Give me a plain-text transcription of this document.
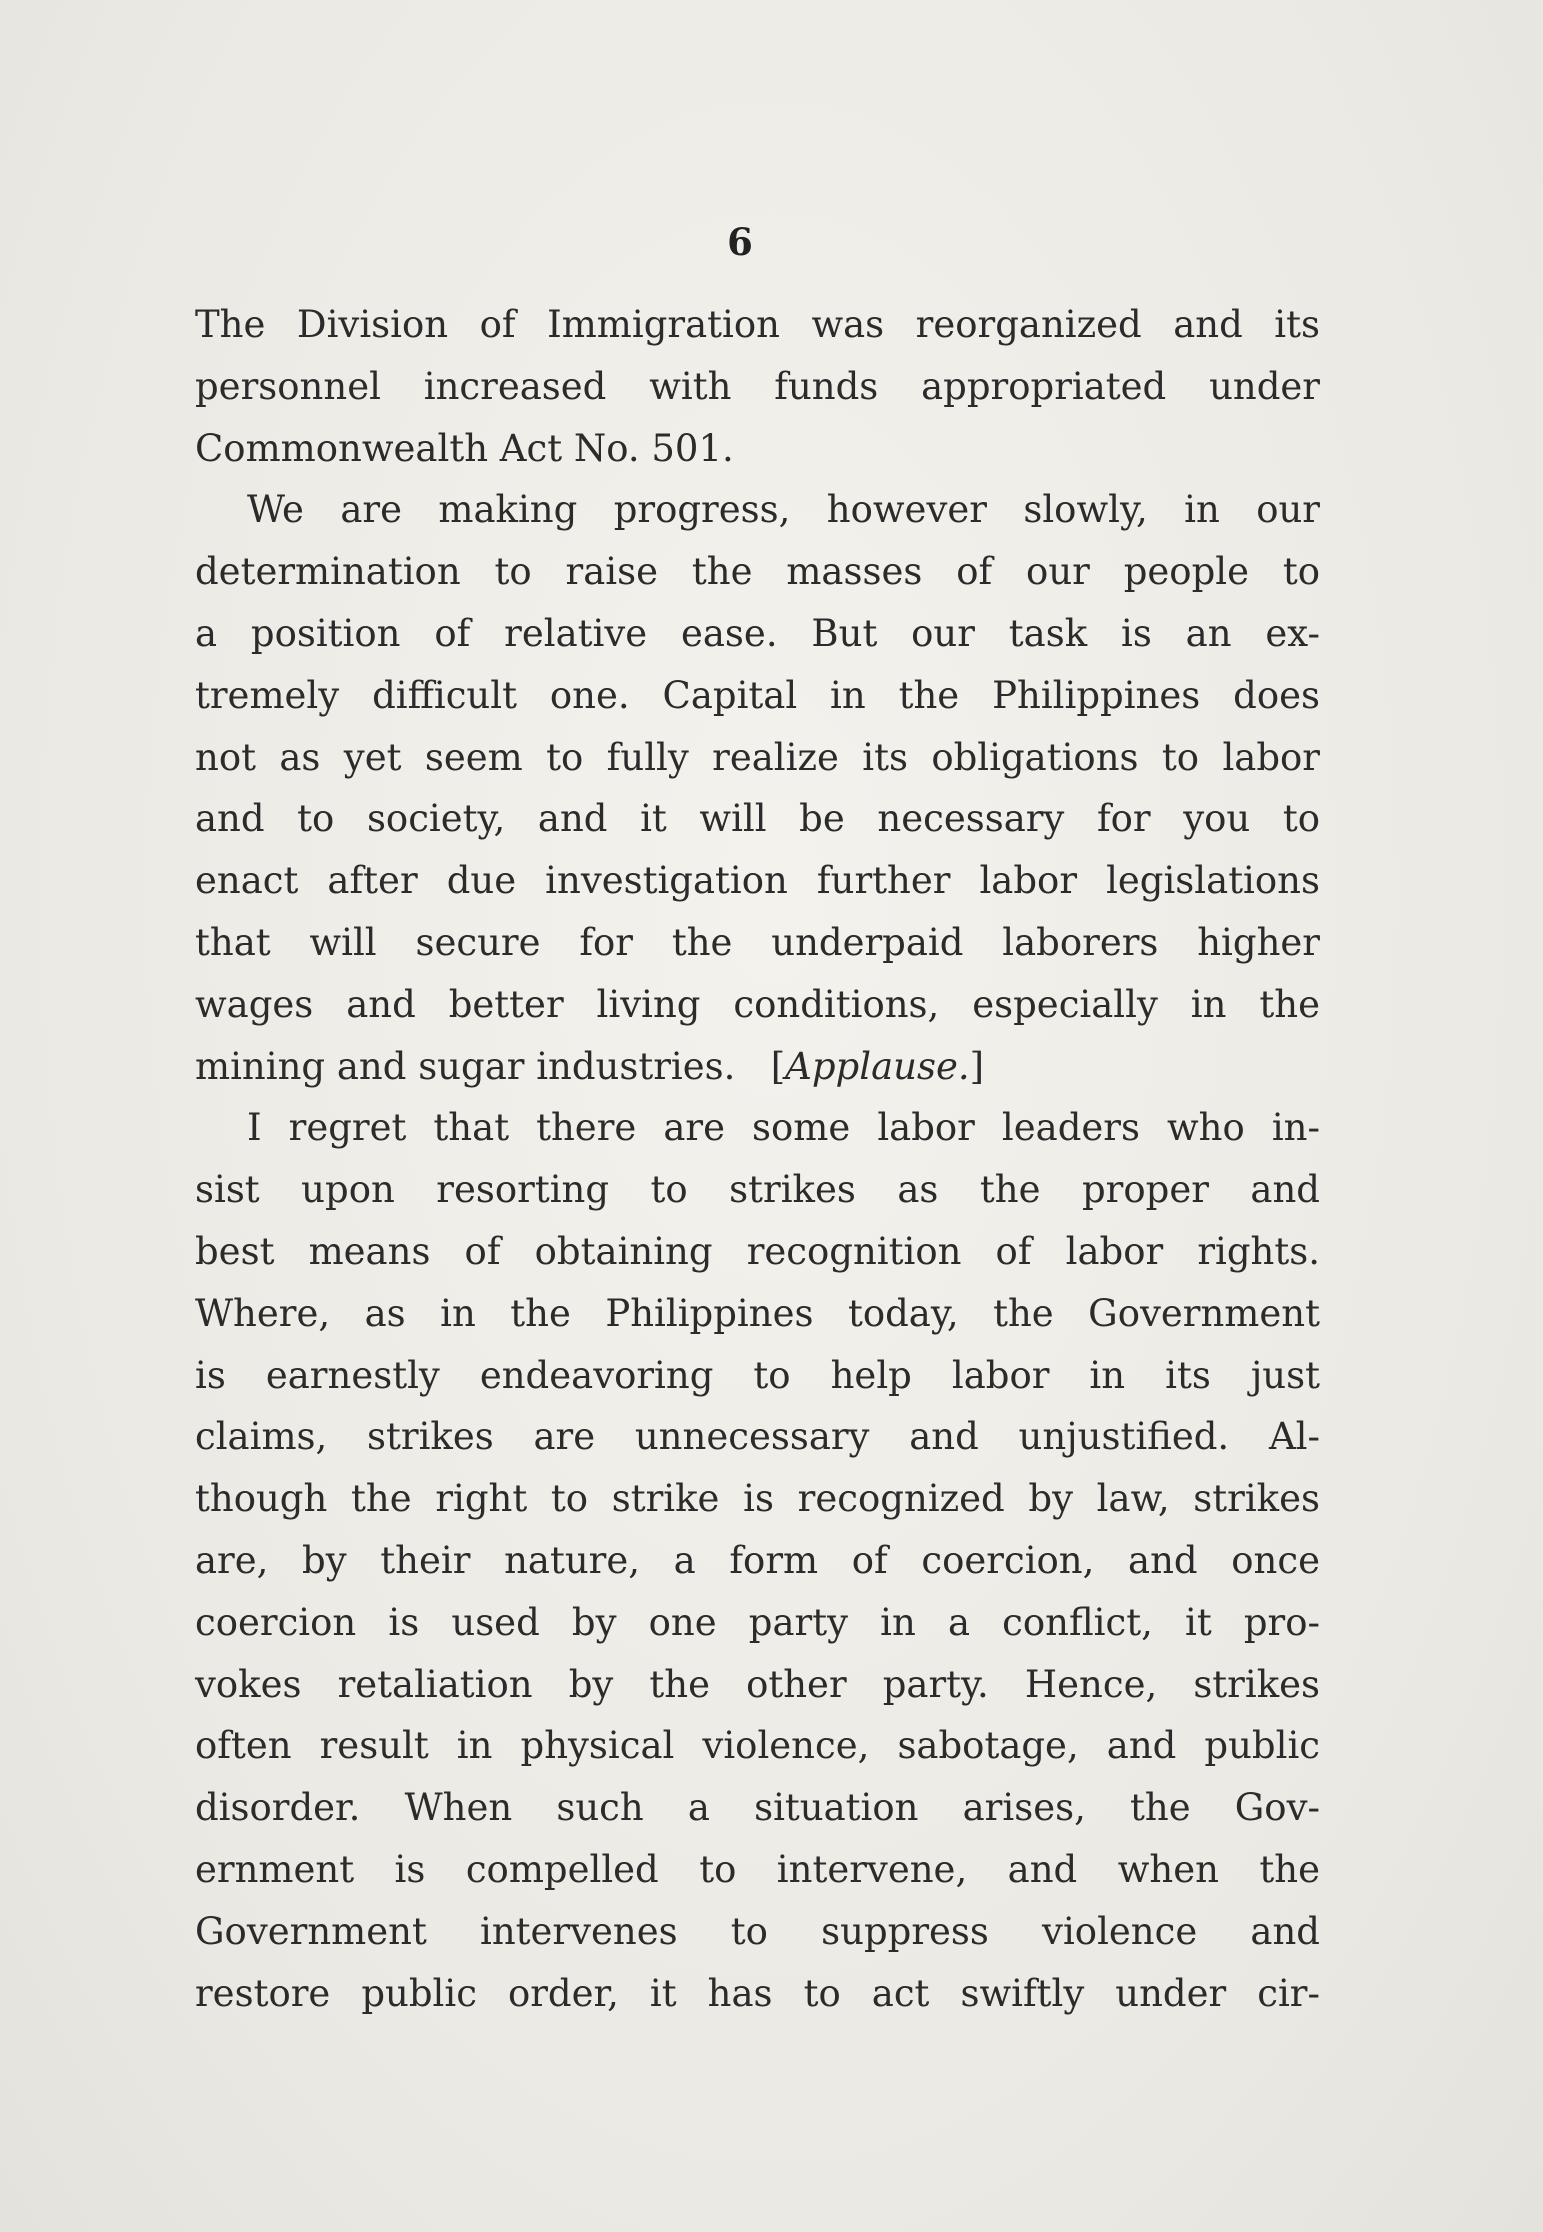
6
The Division of Immigration was reorganized and its
personnel increased with funds appropriated under
Commonwealth Act No. 501.
We are making progress, however slowly, in our
determination to raise the masses of our people to
a position of relative ease. But our task is an ex-
tremely difficult one. Capital in the Philippines does
not as yet seem to fully realize its obligations to labor
and to society, and it will be necessary for you to
enact after due investigation further labor legislations
that will secure for the underpaid laborers higher
wages and better living conditions, especially in the
mining and sugar industries. [Applause.]
I regret that there are some labor leaders who in-
sist upon resorting to strikes as the proper and
best means of obtaining recognition of labor rights.
Where, as in the Philippines today, the Government
is earnestly endeavoring to help labor in its just
claims, strikes are unnecessary and unjustified. Al-
though the right to strike is recognized by law, strikes
are, by their nature, a form of coercion, and once
coercion is used by one party in a conflict, it pro-
vokes retaliation by the other party. Hence, strikes
often result in physical violence, sabotage, and public
disorder. When such a situation arises, the Gov-
ernment is compelled to intervene, and when the
Government intervenes to suppress violence and
restore public order, it has to act swiftly under cir-
